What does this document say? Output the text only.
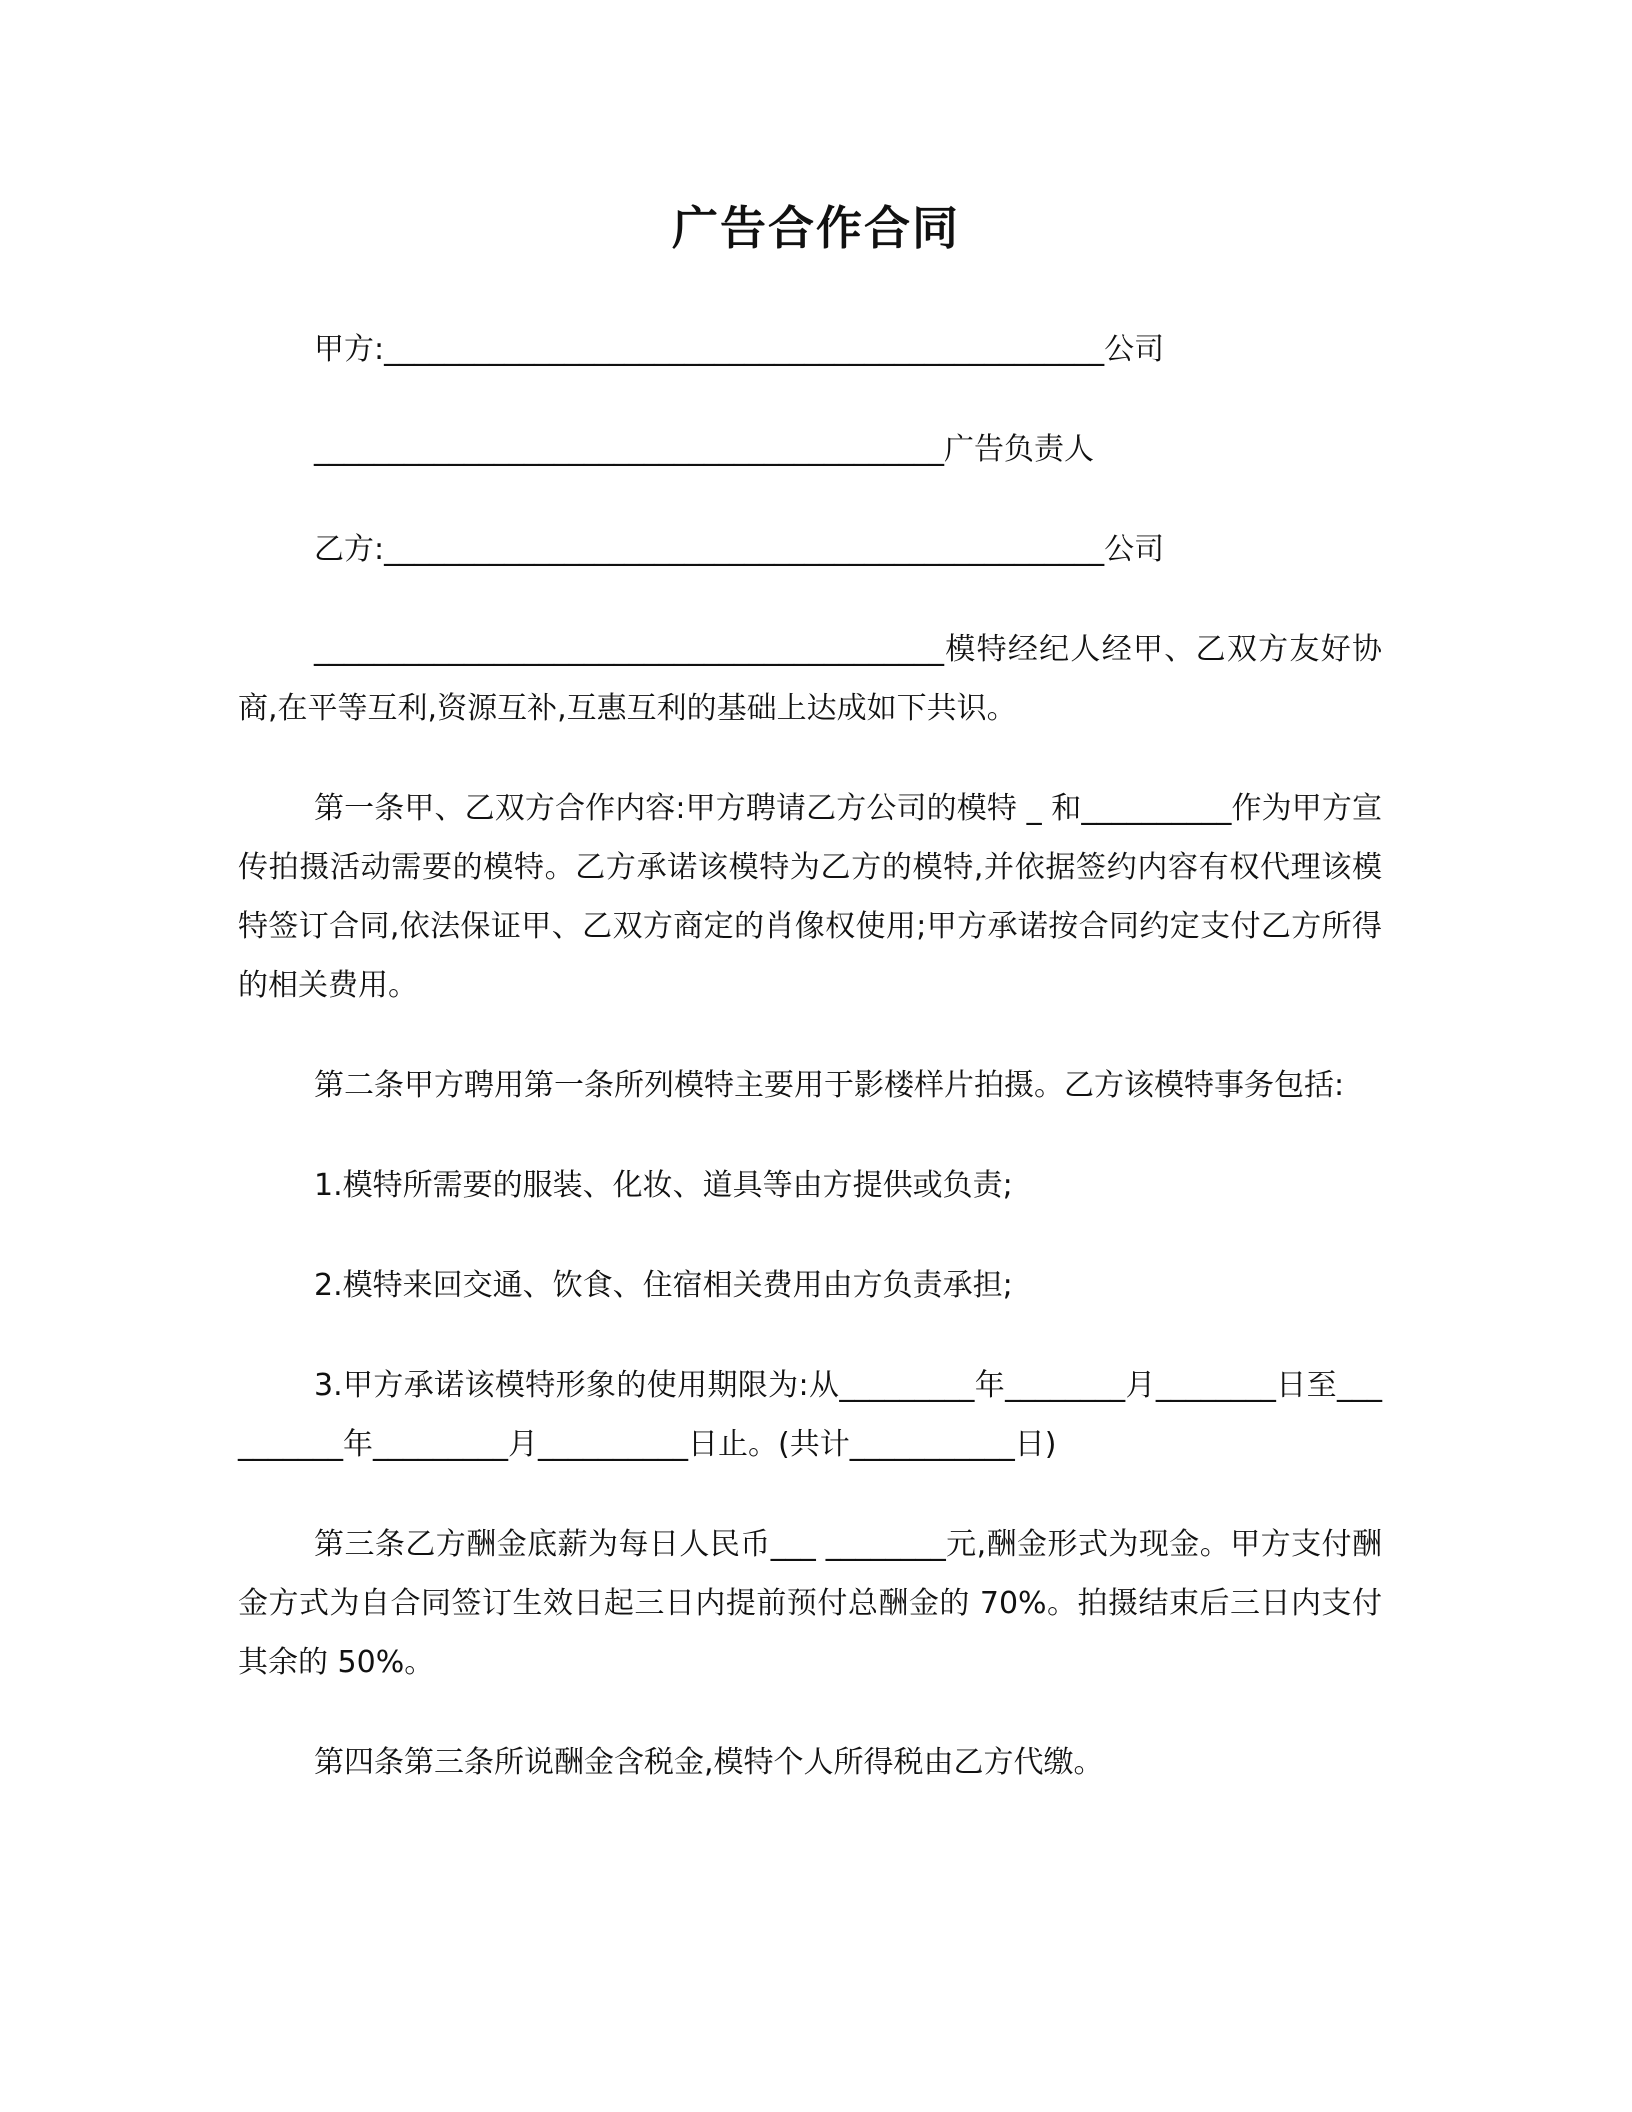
广告合作合同

甲方:________________________________________________公司

__________________________________________广告负责人

乙方:________________________________________________公司

__________________________________________模特经纪人经甲、乙双方友好协商,在平等互利,资源互补,互惠互利的基础上达成如下共识。

第一条甲、乙双方合作内容:甲方聘请乙方公司的模特 _ 和__________作为甲方宣传拍摄活动需要的模特。乙方承诺该模特为乙方的模特,并依据签约内容有权代理该模特签订合同,依法保证甲、乙双方商定的肖像权使用;甲方承诺按合同约定支付乙方所得的相关费用。

第二条甲方聘用第一条所列模特主要用于影楼样片拍摄。乙方该模特事务包括:

1.模特所需要的服装、化妆、道具等由方提供或负责;

2.模特来回交通、饮食、住宿相关费用由方负责承担;

3.甲方承诺该模特形象的使用期限为:从_________年________月________日至__________年_________月__________日止。(共计___________日)

第三条乙方酬金底薪为每日人民币___ ________元,酬金形式为现金。甲方支付酬金方式为自合同签订生效日起三日内提前预付总酬金的 70%。拍摄结束后三日内支付其余的 50%。

第四条第三条所说酬金含税金,模特个人所得税由乙方代缴。
